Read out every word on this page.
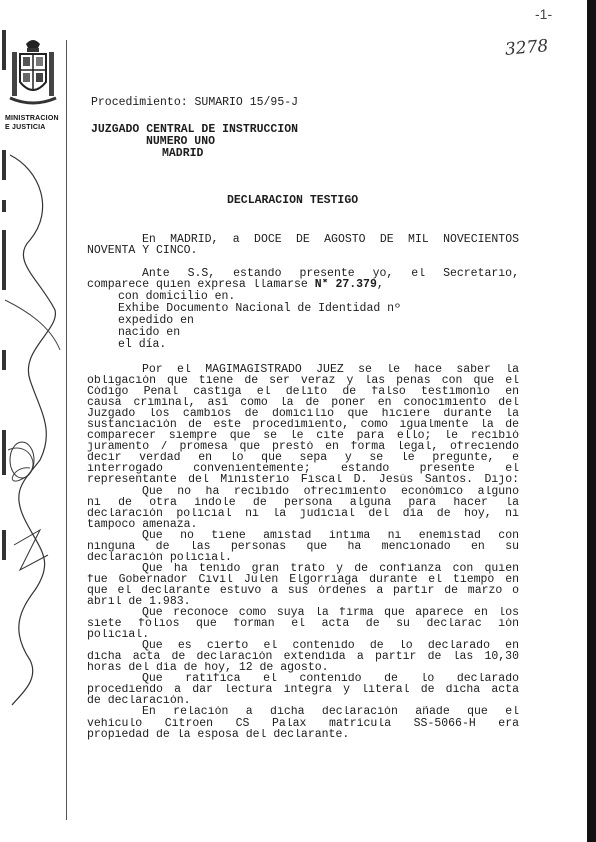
MINISTRACION
E JUSTICIA
-1-
3278
Procedimiento: SUMARIO 15/95-J
JUZGADO CENTRAL DE INSTRUCCION
NUMERO UNO
MADRID
DECLARACION TESTIGO
En MADRID, a DOCE DE AGOSTO DE MIL NOVECIENTOS
NOVENTA Y CINCO.
Ante S.S, estando presente yo, el Secretario,
comparece quien expresa llamarse N* 27.379,
con domicilio en.
Exhibe Documento Nacional de Identidad nº
expedido en
nacido en
el día.
Por el MAGIMAGISTRADO JUEZ se le hace saber la
obligación que tiene de ser veraz y las penas con que el
Código Penal castiga el delito de falso testimonio en
causa criminal, así como la de poner en conocimiento del
Juzgado los cambios de domicilio que hiciere durante la
sustanciación de este procedimiento, como igualmente la de
comparecer siempre que se le cite para ello; le recibió
juramento / promesa que prestó en forma legal, ofreciendo
decir verdad en lo que sepa y se le pregunte, e
interrogado convenientemente; estando presente el
representante del Ministerio Fiscal D. Jesús Santos. Dijo:
Que no ha recibido ofrecimiento económico alguno
ni de otra índole de persona alguna para hacer la
declaración policial ni la judicial del día de hoy, ni
tampoco amenaza.
Que no tiene amistad íntima ni enemistad con
ninguna de las personas que ha mencionado en su
declaración policial.
Que ha tenido gran trato y de confianza con quien
fue Gobernador Civil Julen Elgorriaga durante el tiempo en
que el declarante estuvo a sus órdenes a partir de marzo o
abril de 1.983.
Que reconoce como suya la firma que aparece en los
siete folios que forman el acta de su declarac ión
policial.
Que es cierto el contenido de lo declarado en
dicha acta de declaración extendida a partir de las 10,30
horas del día de hoy, 12 de agosto.
Que ratifica el contenido de lo declarado
procediendo a dar lectura íntegra y literal de dicha acta
de declaración.
En relación a dicha declaración añade que el
vehículo Citroen CS Palax matrícula SS-5066-H era
propiedad de la esposa del declarante.
